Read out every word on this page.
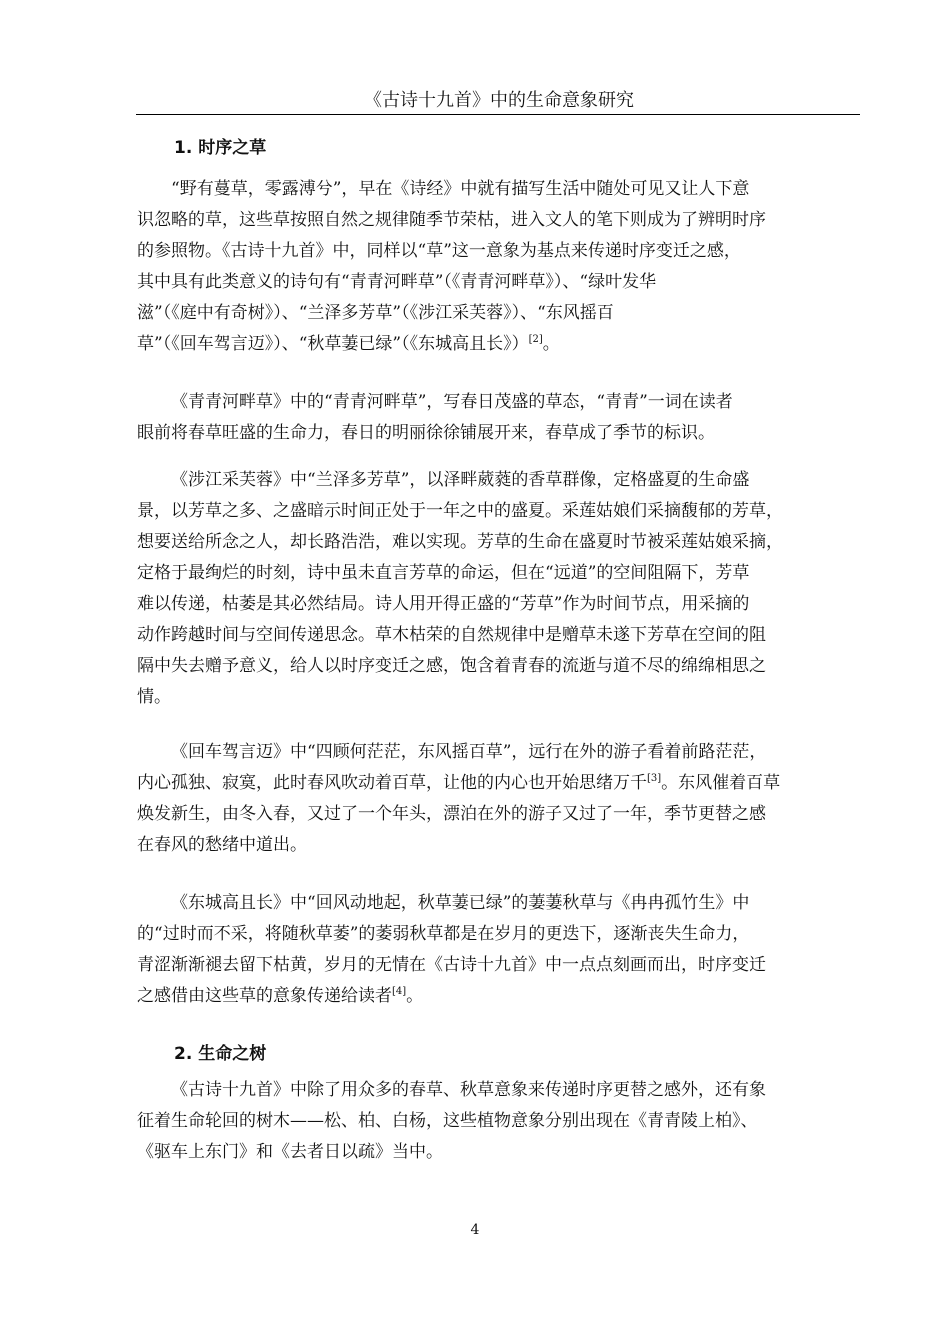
《古诗十九首》中的生命意象研究
1. 时序之草

“野有蔓草，零露溥兮”，早在《诗经》中就有描写生活中随处可见又让人下意
识忽略的草，这些草按照自然之规律随季节荣枯，进入文人的笔下则成为了辨明时序
的参照物。《古诗十九首》中，同样以“草”这一意象为基点来传递时序变迁之感，
其中具有此类意义的诗句有“青青河畔草”（《青青河畔草》）、“绿叶发华
滋”（《庭中有奇树》）、“兰泽多芳草”（《涉江采芙蓉》）、“东风摇百
草”（《回车驾言迈》）、“秋草萋已绿”（《东城高且长》）[2]。

《青青河畔草》中的“青青河畔草”，写春日茂盛的草态，“青青”一词在读者
眼前将春草旺盛的生命力，春日的明丽徐徐铺展开来，春草成了季节的标识。

《涉江采芙蓉》中“兰泽多芳草”，以泽畔葳蕤的香草群像，定格盛夏的生命盛
景，以芳草之多、之盛暗示时间正处于一年之中的盛夏。采莲姑娘们采摘馥郁的芳草，
想要送给所念之人，却长路浩浩，难以实现。芳草的生命在盛夏时节被采莲姑娘采摘，
定格于最绚烂的时刻，诗中虽未直言芳草的命运，但在“远道”的空间阻隔下，芳草
难以传递，枯萎是其必然结局。诗人用开得正盛的“芳草”作为时间节点，用采摘的
动作跨越时间与空间传递思念。草木枯荣的自然规律中是赠草未遂下芳草在空间的阻
隔中失去赠予意义，给人以时序变迁之感，饱含着青春的流逝与道不尽的绵绵相思之
情。

《回车驾言迈》中“四顾何茫茫，东风摇百草”，远行在外的游子看着前路茫茫，
内心孤独、寂寞，此时春风吹动着百草，让他的内心也开始思绪万千[3]。东风催着百草
焕发新生，由冬入春，又过了一个年头，漂泊在外的游子又过了一年，季节更替之感
在春风的愁绪中道出。

《东城高且长》中“回风动地起，秋草萋已绿”的萋萋秋草与《冉冉孤竹生》中
的“过时而不采，将随秋草萎”的萎弱秋草都是在岁月的更迭下，逐渐丧失生命力，
青涩渐渐褪去留下枯黄，岁月的无情在《古诗十九首》中一点点刻画而出，时序变迁
之感借由这些草的意象传递给读者[4]。

2. 生命之树

《古诗十九首》中除了用众多的春草、秋草意象来传递时序更替之感外，还有象
征着生命轮回的树木——松、柏、白杨，这些植物意象分别出现在《青青陵上柏》、
《驱车上东门》和《去者日以疏》当中。

4
